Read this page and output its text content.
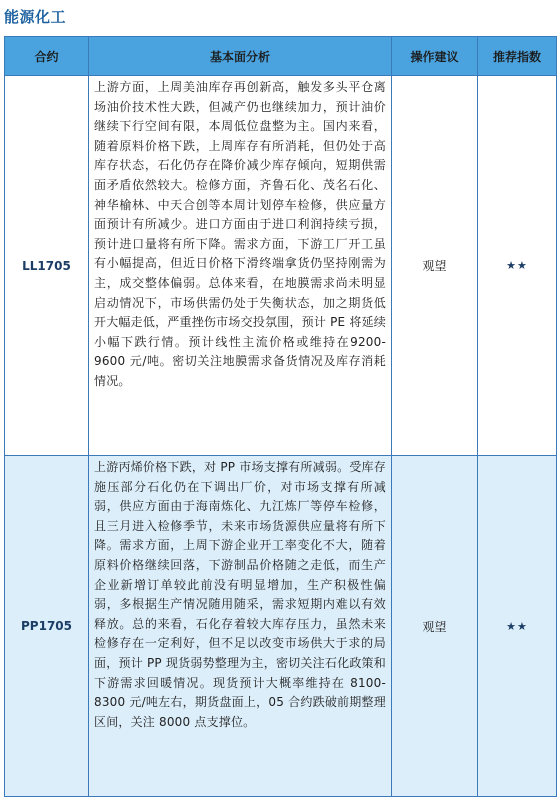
能源化工
合约	基本面分析	操作建议	推荐指数
LL1705	上游方面，上周美油库存再创新高，触发多头平仓离场油价技术性大跌，但减产仍也继续加力，预计油价继续下行空间有限，本周低位盘整为主。国内来看，随着原料价格下跌，上周库存有所消耗，但仍处于高库存状态，石化仍存在降价减少库存倾向，短期供需面矛盾依然较大。检修方面，齐鲁石化、茂名石化、神华榆林、中天合创等本周计划停车检修，供应量方面预计有所减少。进口方面由于进口利润持续亏损，预计进口量将有所下降。需求方面，下游工厂开工虽有小幅提高，但近日价格下滑终端拿货仍坚持刚需为主，成交整体偏弱。总体来看，在地膜需求尚未明显启动情况下，市场供需仍处于失衡状态，加之期货低开大幅走低，严重挫伤市场交投氛围，预计 PE 将延续小幅下跌行情。预计线性主流价格或维持在9200-9600 元/吨。密切关注地膜需求备货情况及库存消耗情况。	观望	★★
PP1705	上游丙烯价格下跌，对 PP 市场支撑有所减弱。受库存施压部分石化仍在下调出厂价，对市场支撑有所减弱，供应方面由于海南炼化、九江炼厂等停车检修，且三月进入检修季节，未来市场货源供应量将有所下降。需求方面，上周下游企业开工率变化不大，随着原料价格继续回落，下游制品价格随之走低，而生产企业新增订单较此前没有明显增加，生产积极性偏弱，多根据生产情况随用随采，需求短期内难以有效释放。总的来看，石化存着较大库存压力，虽然未来检修存在一定利好，但不足以改变市场供大于求的局面，预计 PP 现货弱势整理为主，密切关注石化政策和下游需求回暖情况。现货预计大概率维持在 8100-8300 元/吨左右，期货盘面上，05 合约跌破前期整理区间，关注 8000 点支撑位。	观望	★★
